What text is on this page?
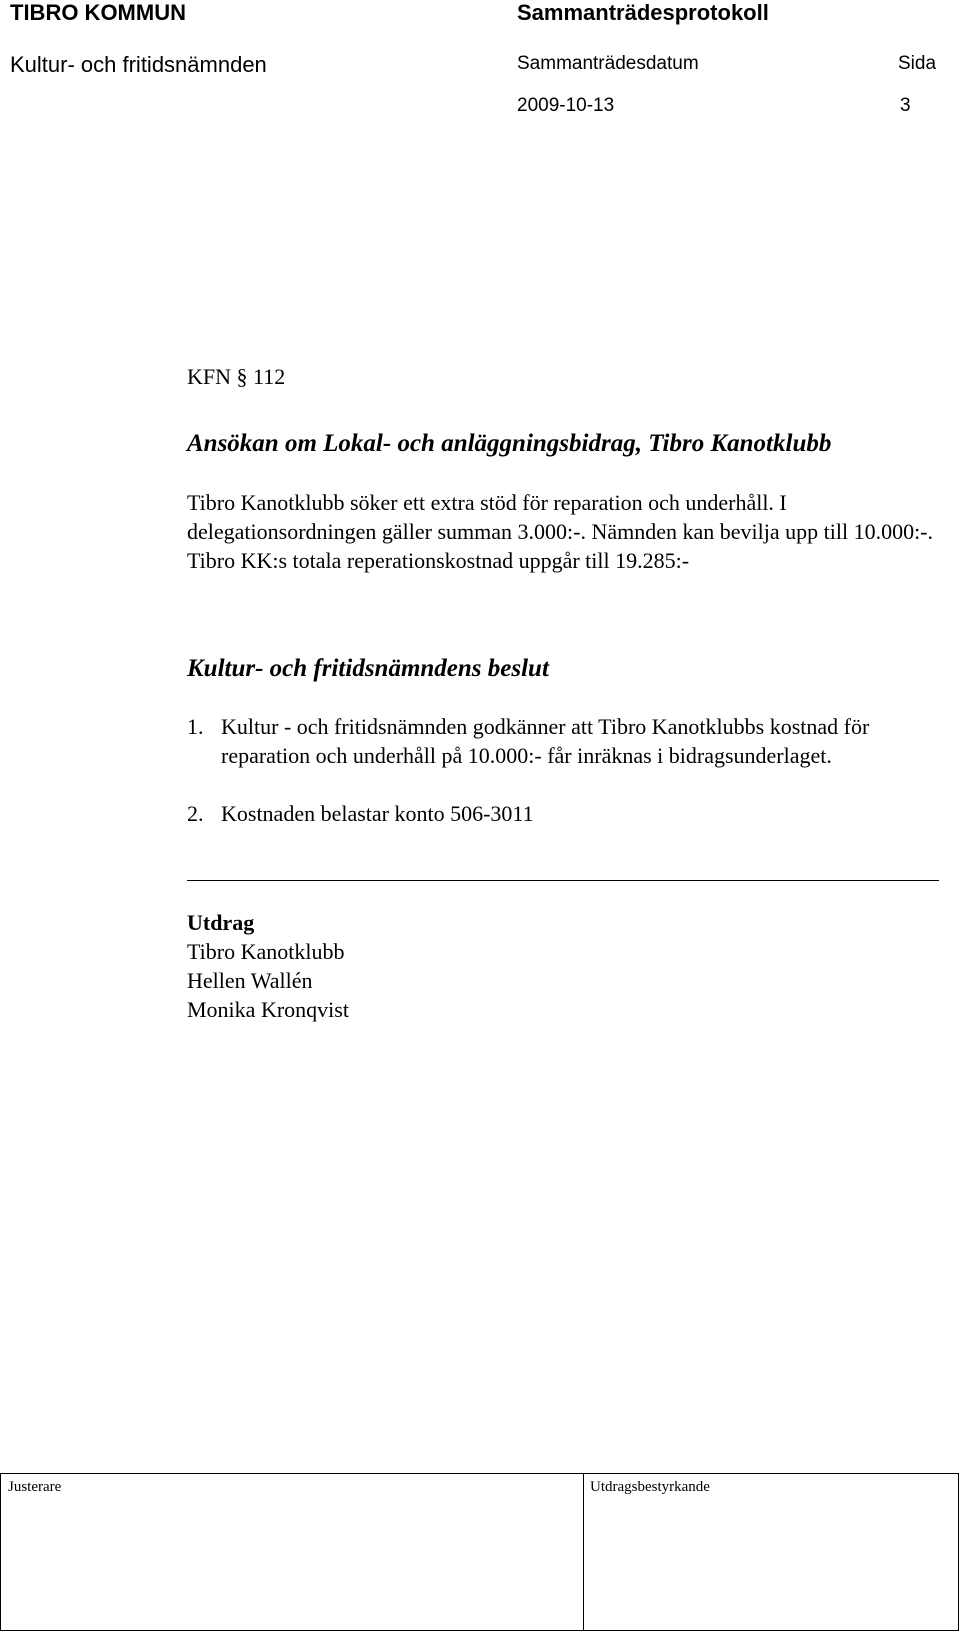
TIBRO KOMMUN	Sammanträdesprotokoll
Kultur- och fritidsnämnden	Sammanträdesdatum	Sida
2009-10-13	3
KFN § 112
Ansökan om Lokal- och anläggningsbidrag, Tibro Kanotklubb

Tibro Kanotklubb söker ett extra stöd för reparation och underhåll. I delegationsordningen gäller summan 3.000:-. Nämnden kan bevilja upp till 10.000:-.

Tibro KK:s totala reperationskostnad uppgår till 19.285:-

Kultur- och fritidsnämndens beslut
1. Kultur - och fritidsnämnden godkänner att Tibro Kanotklubbs kostnad för reparation och underhåll på 10.000:- får inräknas i bidragsunderlaget.
2. Kostnaden belastar konto 506-3011
Utdrag
Tibro Kanotklubb
Hellen Wallén
Monika Kronqvist
Justerare	Utdragsbestyrkande
